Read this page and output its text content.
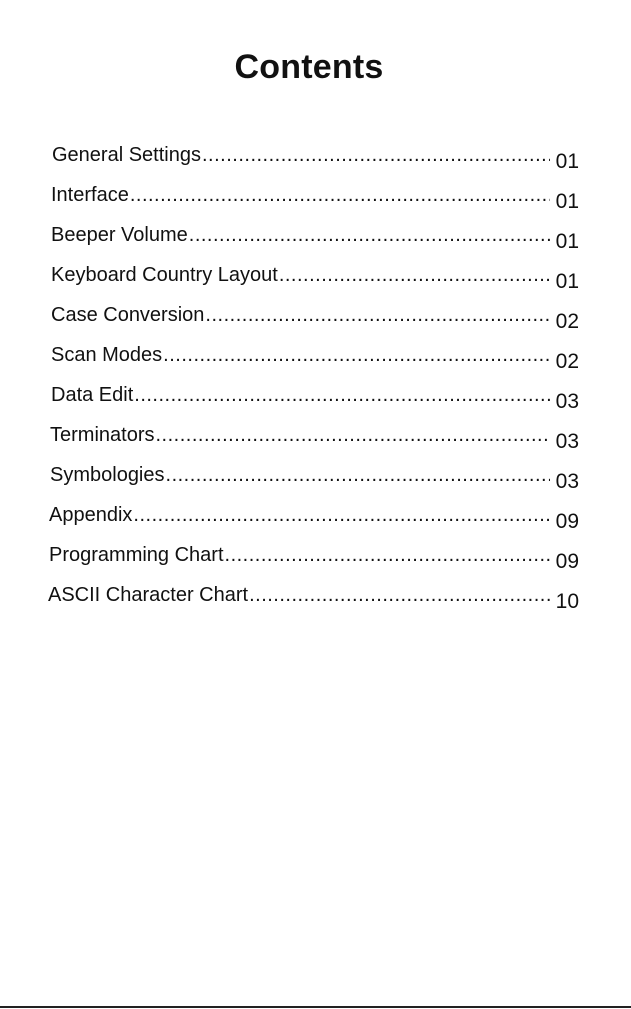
Contents
General Settings .....	01
Interface .....	01
Beeper Volume .....	01
Keyboard Country Layout .....	01
Case Conversion .....	02
Scan Modes .....	02
Data Edit .....	03
Terminators .....	03
Symbologies .....	03
Appendix .....	09
Programming Chart .....	09
ASCII Character Chart .....	10
